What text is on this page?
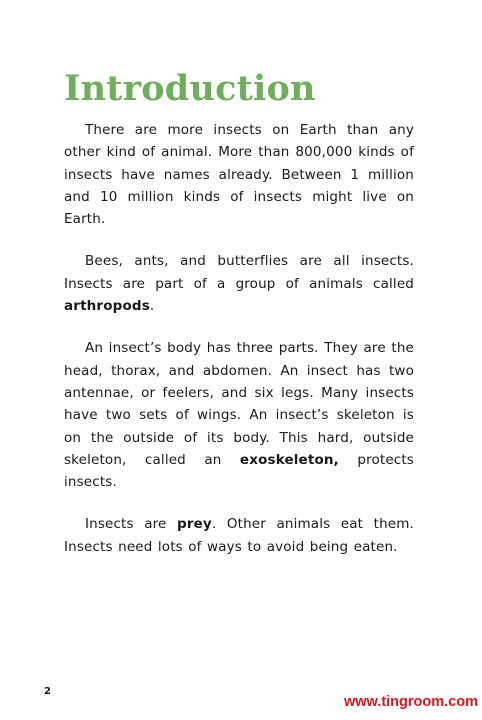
Introduction

There are more insects on Earth than any other kind of animal. More than 800,000 kinds of insects have names already. Between 1 million and 10 million kinds of insects might live on Earth.

Bees, ants, and butterflies are all insects. Insects are part of a group of animals called arthropods.

An insect’s body has three parts. They are the head, thorax, and abdomen. An insect has two antennae, or feelers, and six legs. Many insects have two sets of wings. An insect’s skeleton is on the outside of its body. This hard, outside skeleton, called an exoskeleton, protects insects.

Insects are prey. Other animals eat them. Insects need lots of ways to avoid being eaten.

2
www.tingroom.com
